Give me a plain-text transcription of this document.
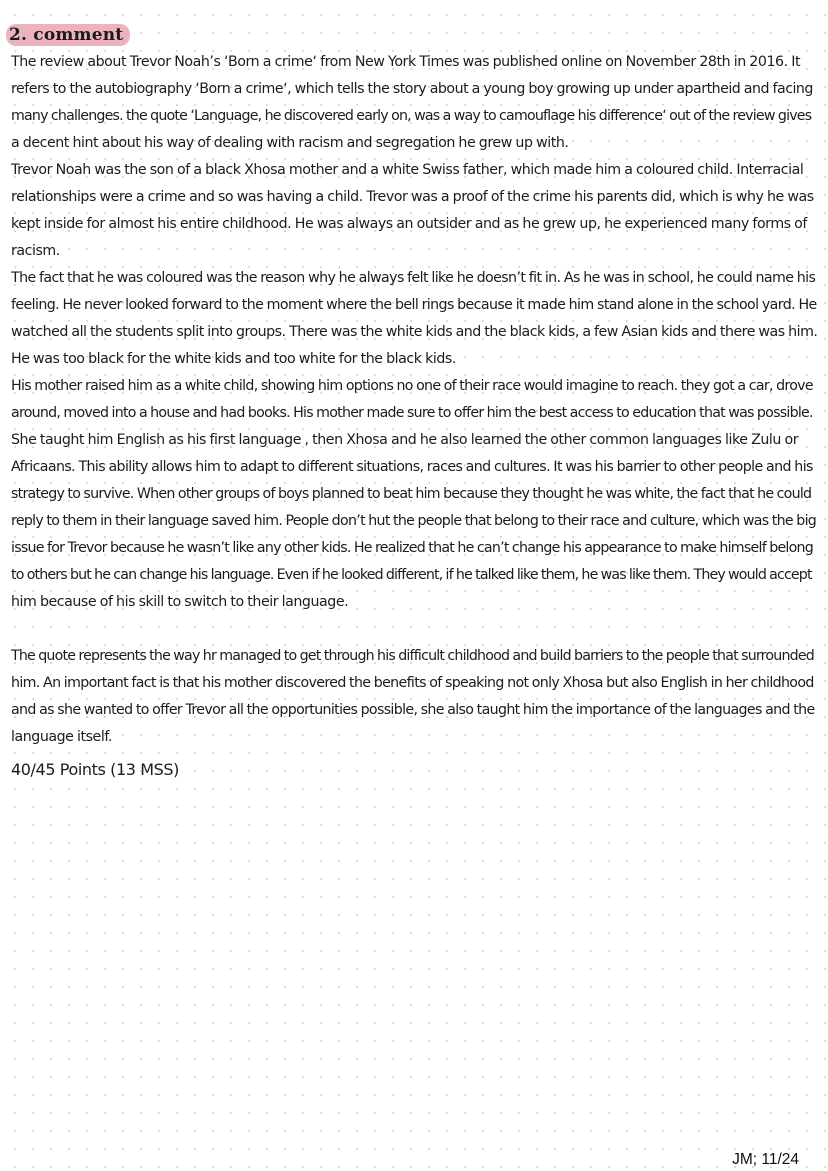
2. comment
The review about Trevor Noah’s ‘Born a crime‘ from New York Times was published online on November 28th in 2016. It
refers to the autobiography ‘Born a crime‘, which tells the story about a young boy growing up under apartheid and facing
many challenges. the quote ‘Language, he discovered early on, was a way to camouflage his difference‘ out of the review gives
a decent hint about his way of dealing with racism and segregation he grew up with.
Trevor Noah was the son of a black Xhosa mother and a white Swiss father, which made him a coloured child. Interracial
relationships were a crime and so was having a child. Trevor was a proof of the crime his parents did, which is why he was
kept inside for almost his entire childhood. He was always an outsider and as he grew up, he experienced many forms of
racism.
The fact that he was coloured was the reason why he always felt like he doesn’t fit in. As he was in school, he could name his
feeling. He never looked forward to the moment where the bell rings because it made him stand alone in the school yard. He
watched all the students split into groups. There was the white kids and the black kids, a few Asian kids and there was him.
He was too black for the white kids and too white for the black kids.
His mother raised him as a white child, showing him options no one of their race would imagine to reach. they got a car, drove
around, moved into a house and had books. His mother made sure to offer him the best access to education that was possible.
She taught him English as his first language , then Xhosa and he also learned the other common languages like Zulu or
Africaans. This ability allows him to adapt to different situations, races and cultures. It was his barrier to other people and his
strategy to survive. When other groups of boys planned to beat him because they thought he was white, the fact that he could
reply to them in their language saved him. People don’t hut the people that belong to their race and culture, which was the big
issue for Trevor because he wasn’t like any other kids. He realized that he can’t change his appearance to make himself belong
to others but he can change his language. Even if he looked different, if he talked like them, he was like them. They would accept
him because of his skill to switch to their language.
The quote represents the way hr managed to get through his difficult childhood and build barriers to the people that surrounded
him. An important fact is that his mother discovered the benefits of speaking not only Xhosa but also English in her childhood
and as she wanted to offer Trevor all the opportunities possible, she also taught him the importance of the languages and the
language itself.
40/45 Points (13 MSS)
JM; 11/24
